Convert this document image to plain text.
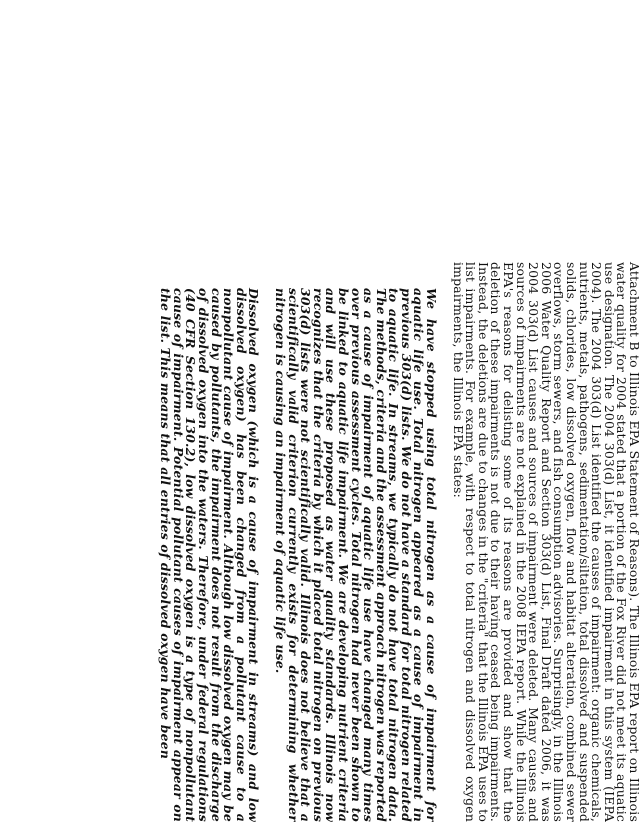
Attachment B to Illinois EPA Statement of Reasons). The Illinois EPA report on Illinois water quality for 2004 stated that a portion of the Fox River did not meet its aquatic use designation. The 2004 303(d) List, it identified impairment in this system (IEPA 2004). The 2004 303(d) List identified the causes of impairment: organic chemicals, nutrients, metals, pathogens, sedimentation/siltation, total dissolved and suspended solids, chlorides, low dissolved oxygen, flow and habitat alteration, combined sewer overflows, storm sewers, and fish consumption advisories. Surprisingly, in the Illinois 2006 Water Quality Report and Section 303(d) List, Final Draft dated 2006, it was 2004 303(d) List causes and sources of impairment were deleted. Many causes and sources of impairments are not explained in the 2008 IEPA report. While the Illinois EPA's reasons for delisting some of its reasons are provided and show that the deletion of these impairments is not due to their having ceased being impairments. Instead, the deletions are due to changes in the "criteria" that the Illinois EPA uses to list impairments. For example, with respect to total nitrogen and dissolved oxygen impairments, the Illinois EPA states:

We have stopped using total nitrogen as a cause of impairment for aquatic life use. Total nitrogen appeared as a cause of impairment in previous 303(d) lists. We do not have a standard for total nitrogen related to aquatic life. In streams, we typically do not have total nitrogen data. The methods, criteria and the assessment approach nitrogen was reported as a cause of impairment of aquatic life use have changed many times over previous assessment cycles. Total nitrogen had never been shown to be linked to aquatic life impairment. We are developing nutrient criteria and will use these proposed as water quality standards. Illinois now recognizes that the criteria by which it placed total nitrogen on previous 303(d) lists were not scientifically valid. Illinois does not believe that a scientifically valid criterion currently exists for determining whether nitrogen is causing an impairment of aquatic life use.

Dissolved oxygen (which is a cause of impairment in streams) and low dissolved oxygen) has been changed from a pollutant cause to a nonpollutant cause of impairment. Although low dissolved oxygen may be caused by pollutants, the impairment does not result from the discharge of dissolved oxygen into the waters. Therefore, under federal regulations (40 CFR Section 130.2), low dissolved oxygen is a type of nonpollutant cause of impairment. Potential pollutant causes of impairment appear on the list. This means that all entries of dissolved oxygen have been
